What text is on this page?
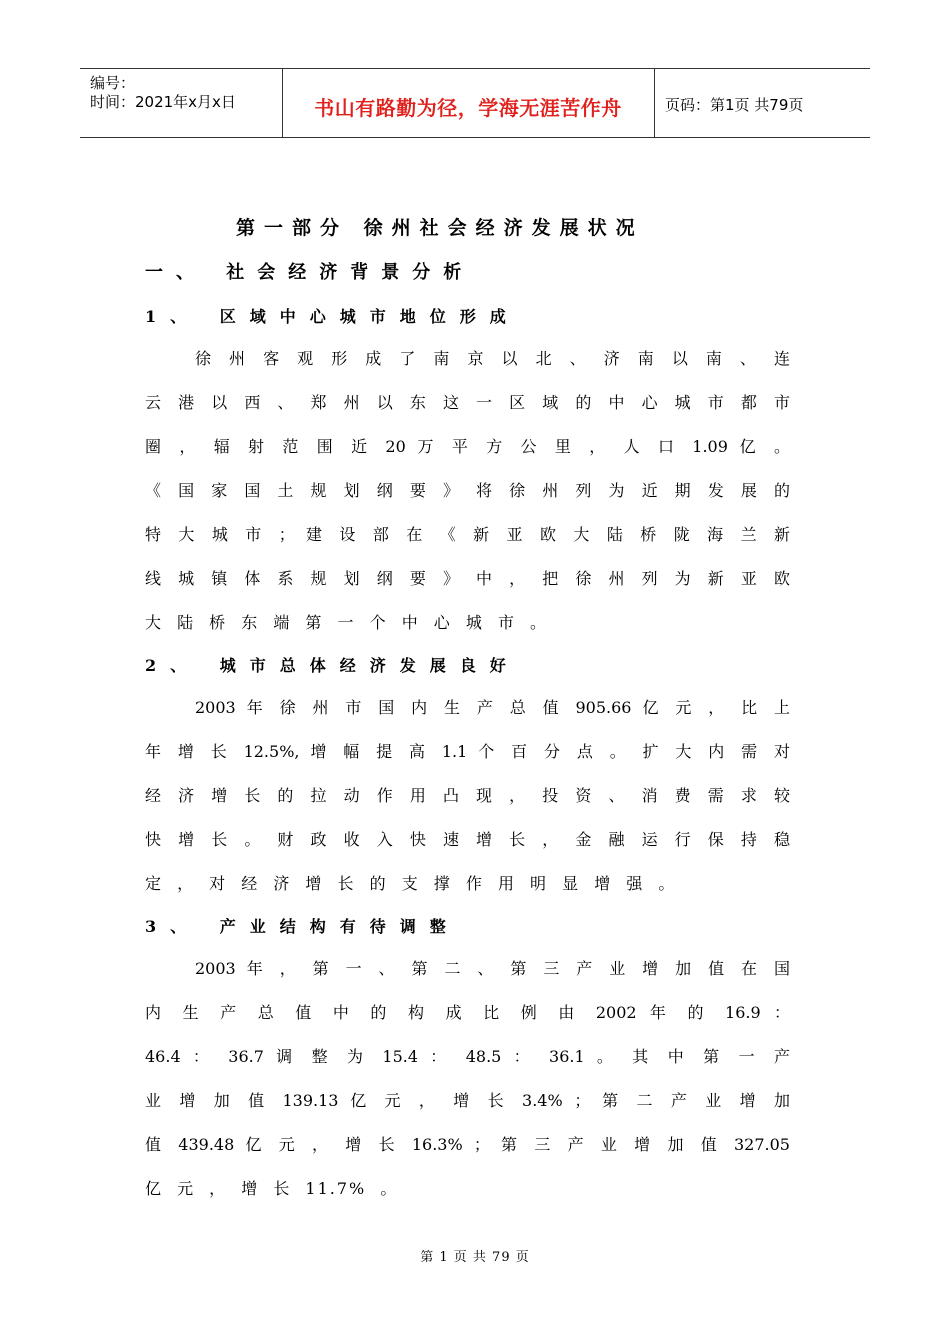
编号：
时间：2021年x月x日	书山有路勤为径，学海无涯苦作舟	页码：第1页 共79页
第一部分 徐州社会经济发展状况
一、 社会经济背景分析
1、 区域中心城市地位形成
徐 州 客 观 形 成 了 南 京 以 北 、 济 南 以 南 、 连
云 港 以 西 、 郑 州 以 东 这 一 区 域 的 中 心 城 市 都 市
圈 ， 辐 射 范 围 近 20 万 平 方 公 里 ， 人 口 1.09 亿 。
《 国 家 国 土 规 划 纲 要 》 将 徐 州 列 为 近 期 发 展 的
特 大 城 市 ； 建 设 部 在 《 新 亚 欧 大 陆 桥 陇 海 兰 新
线 城 镇 体 系 规 划 纲 要 》 中 ， 把 徐 州 列 为 新 亚 欧
大 陆 桥 东 端 第 一 个 中 心 城 市 。
2、 城市总体经济发展良好
2003 年 徐 州 市 国 内 生 产 总 值 905.66 亿 元 ， 比 上
年 增 长 12.5%, 增 幅 提 高 1.1 个 百 分 点 。 扩 大 内 需 对
经 济 增 长 的 拉 动 作 用 凸 现 ， 投 资 、 消 费 需 求 较
快 增 长 。 财 政 收 入 快 速 增 长 ， 金 融 运 行 保 持 稳
定 ， 对 经 济 增 长 的 支 撑 作 用 明 显 增 强 。
3、 产业结构有待调整
2003 年 ， 第 一 、 第 二 、 第 三 产 业 增 加 值 在 国
内 生 产 总 值 中 的 构 成 比 例 由 2002 年 的 16.9 ：
46.4 ： 36.7 调 整 为 15.4 ： 48.5 ： 36.1 。 其 中 第 一 产
业 增 加 值 139.13 亿 元 ， 增 长 3.4% ； 第 二 产 业 增 加
值 439.48 亿 元 ， 增 长 16.3% ； 第 三 产 业 增 加 值 327.05
亿 元 ， 增 长 11.7% 。
第 1 页 共 79 页
